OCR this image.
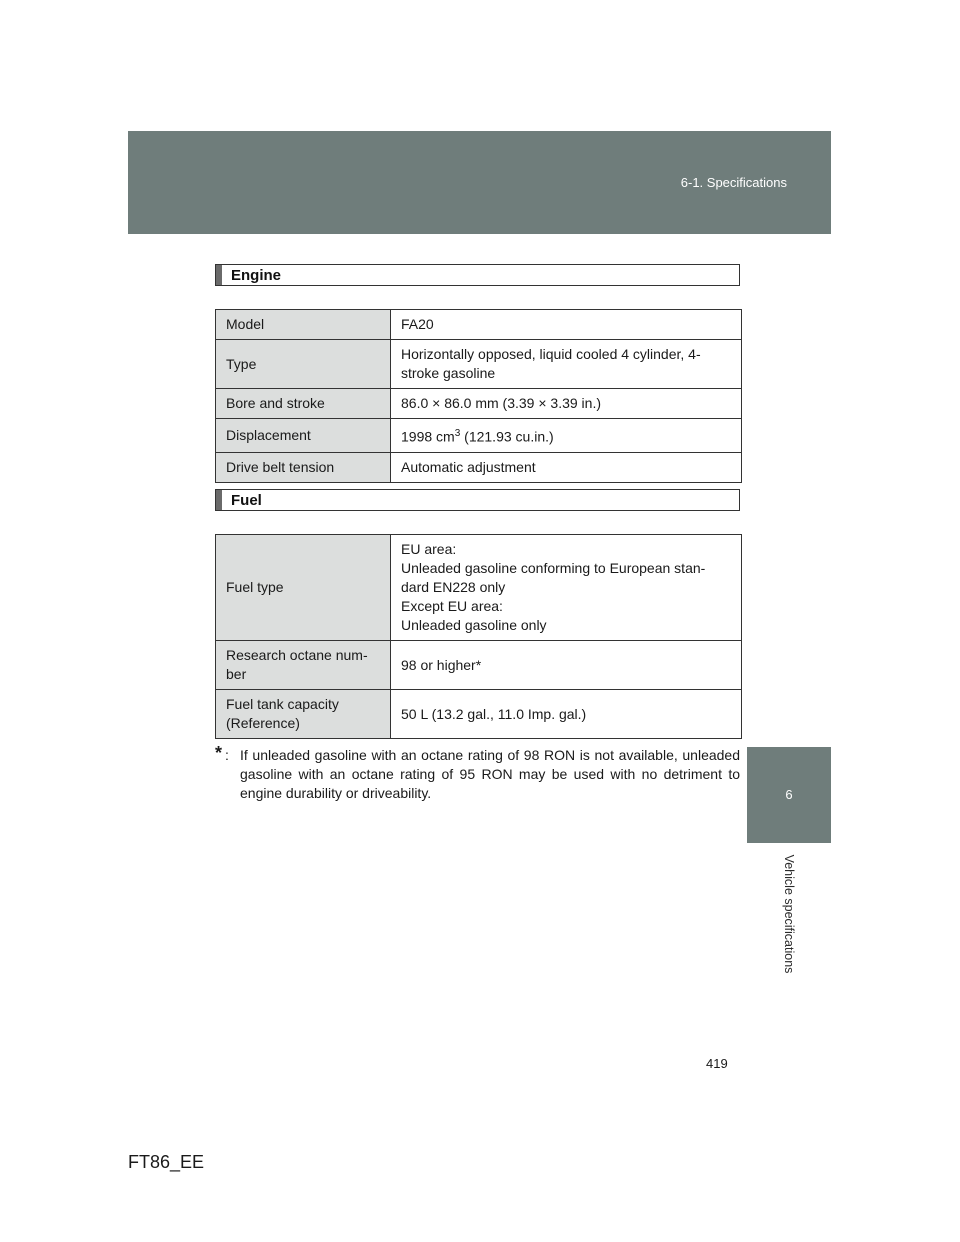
6-1. Specifications
6
Vehicle specifications
Engine
Model	FA20
Type	Horizontally opposed, liquid cooled 4 cylinder, 4-stroke gasoline
Bore and stroke	86.0 × 86.0 mm (3.39 × 3.39 in.)
Displacement	1998 $cm^3$ (121.93 cu.in.)
Drive belt tension	Automatic adjustment
Fuel
Fuel type	EU area:
Unleaded gasoline conforming to European stan-
dard EN228 only
Except EU area:
Unleaded gasoline only

Research octane num-
ber	98 or higher*

Fuel tank capacity
(Reference)	50 L (13.2 gal., 11.0 Imp. gal.)
* : If unleaded gasoline with an octane rating of 98 RON is not available, unleaded gasoline with an octane rating of 95 RON may be used with no detriment to engine durability or driveability.
419
FT86_EE
